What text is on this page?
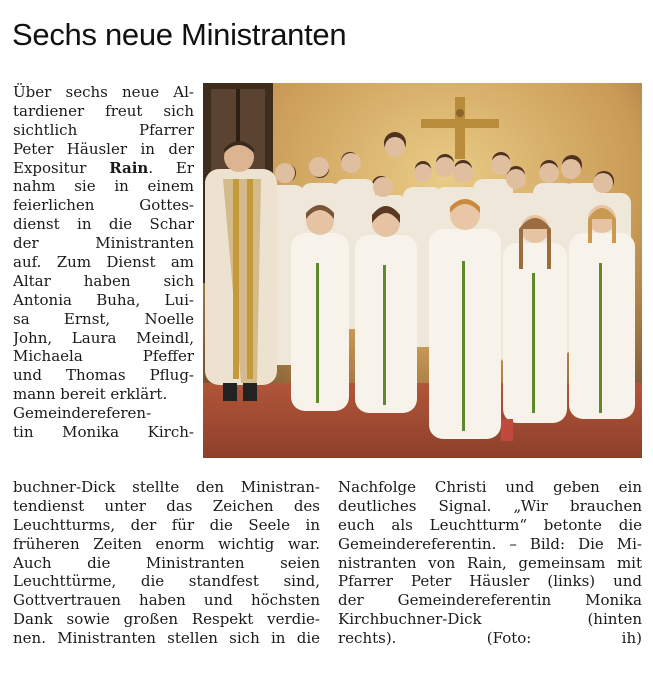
Sechs neue Ministranten
Über sechs neue Al-
tardiener freut sich
sichtlich Pfarrer
Peter Häusler in der
Expositur Rain. Er
nahm sie in einem
feierlichen Gottes-
dienst in die Schar
der Ministranten
auf. Zum Dienst am
Altar haben sich
Antonia Buha, Lui-
sa Ernst, Noelle
John, Laura Meindl,
Michaela Pfeffer
und Thomas Pflug-
mann bereit erklärt.
Gemeindereferen-
tin Monika Kirch-
buchner-Dick stellte den Ministran-
tendienst unter das Zeichen des
Leuchtturms, der für die Seele in
früheren Zeiten enorm wichtig war.
Auch die Ministranten seien
Leuchttürme, die standfest sind,
Gottvertrauen haben und höchsten
Dank sowie großen Respekt verdie-
nen. Ministranten stellen sich in die
Nachfolge Christi und geben ein
deutliches Signal. „Wir brauchen
euch als Leuchtturm“ betonte die
Gemeindereferentin. – Bild: Die Mi-
nistranten von Rain, gemeinsam mit
Pfarrer Peter Häusler (links) und
der Gemeindereferentin Monika
Kirchbuchner-Dick (hinten
rechts). (Foto: ih)
